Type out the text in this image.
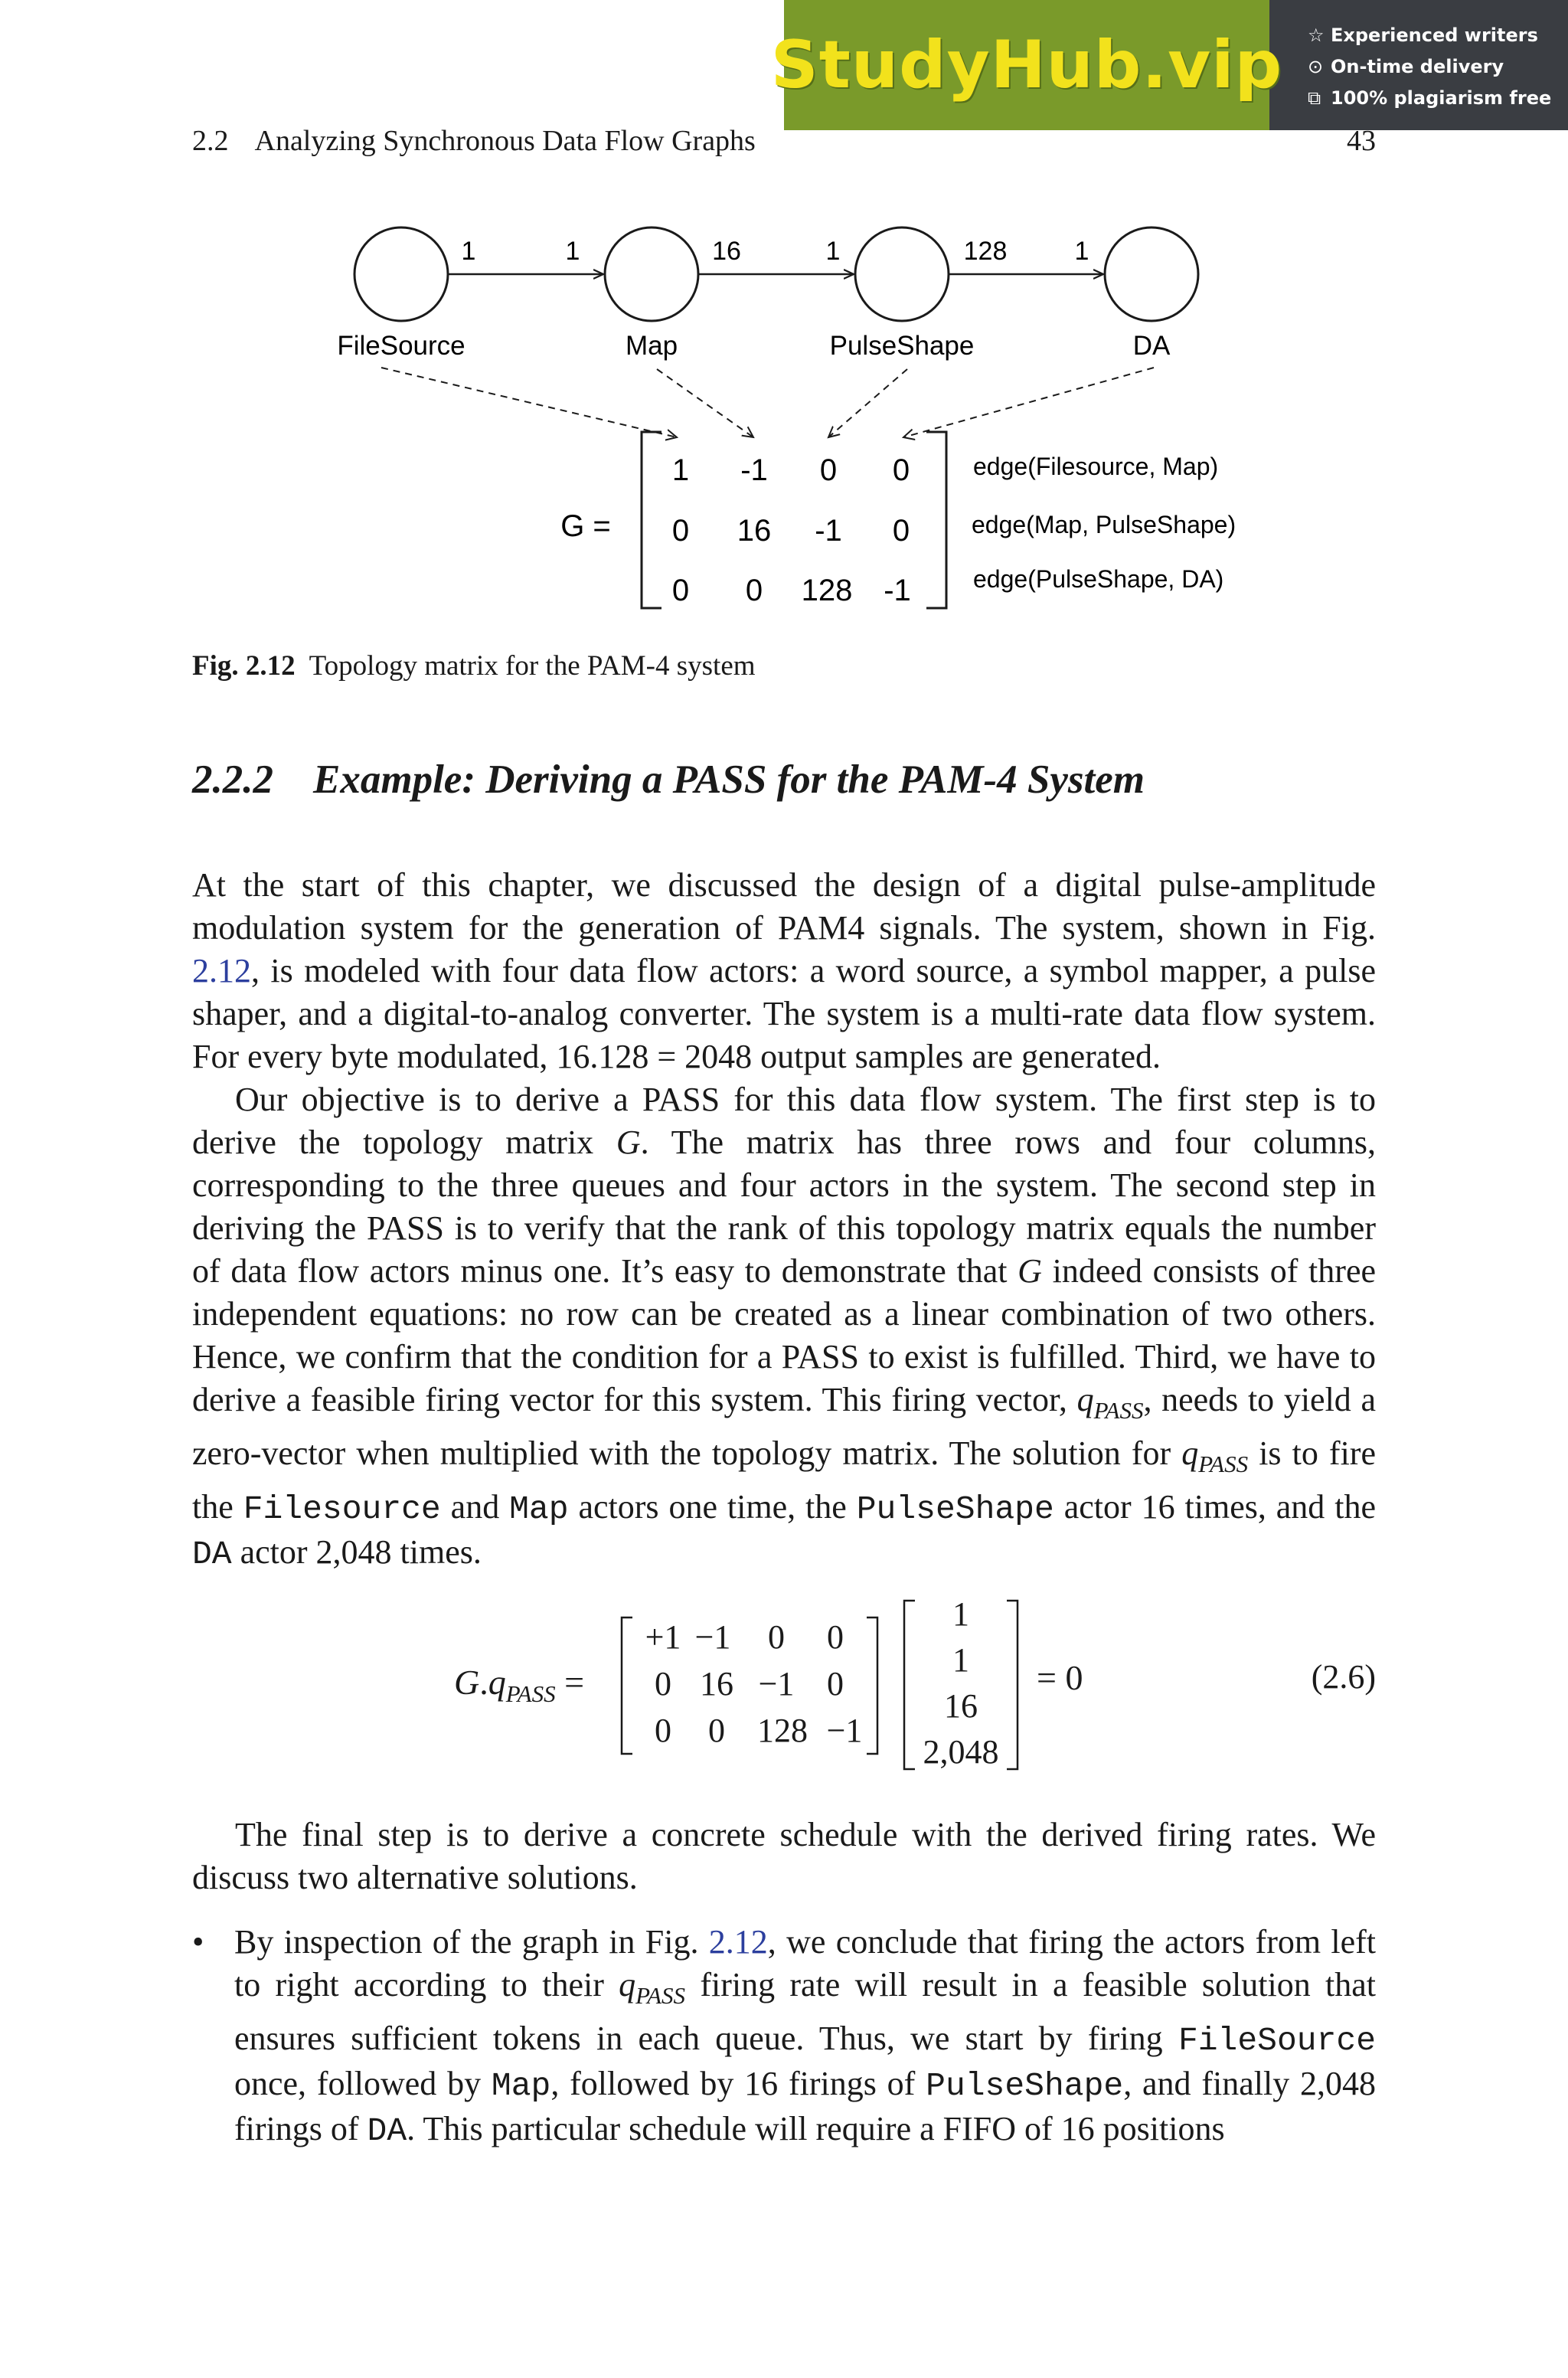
StudyHub.vip ☆ Experienced writers
⊙ On-time delivery
⧉ 100% plagiarism free
2.2 Analyzing Synchronous Data Flow Graphs	43
1	1	16	1	128	1
FileSource	Map	PulseShape	DA
G =
1 -1 0 0
0 16 -1 0
0 0 128 -1
edge(Filesource, Map)
edge(Map, PulseShape)
edge(PulseShape, DA)
Fig. 2.12 Topology matrix for the PAM-4 system
2.2.2 Example: Deriving a PASS for the PAM-4 System

At the start of this chapter, we discussed the design of a digital pulse-amplitude modulation system for the generation of PAM4 signals. The system, shown in Fig. 2.12, is modeled with four data flow actors: a word source, a symbol mapper, a pulse shaper, and a digital-to-analog converter. The system is a multi-rate data flow system. For every byte modulated, 16.128 = 2048 output samples are generated.

Our objective is to derive a PASS for this data flow system. The first step is to derive the topology matrix G. The matrix has three rows and four columns, corresponding to the three queues and four actors in the system. The second step in deriving the PASS is to verify that the rank of this topology matrix equals the number of data flow actors minus one. It’s easy to demonstrate that G indeed consists of three independent equations: no row can be created as a linear combination of two others. Hence, we confirm that the condition for a PASS to exist is fulfilled. Third, we have to derive a feasible firing vector for this system. This firing vector, $q_{PASS}$, needs to yield a zero-vector when multiplied with the topology matrix. The solution for $q_{PASS}$ is to fire the Filesource and Map actors one time, the PulseShape actor 16 times, and the DA actor 2,048 times.

$G.q_{PASS}$ =
+1 −1	0	0
0 16 −1 0
0	0 128 −1
1
1
16
2,048
= 0	(2.6)

The final step is to derive a concrete schedule with the derived firing rates. We discuss two alternative solutions.

• By inspection of the graph in Fig. 2.12, we conclude that firing the actors from left to right according to their $q_{PASS}$ firing rate will result in a feasible solution that ensures sufficient tokens in each queue. Thus, we start by firing FileSource once, followed by Map, followed by 16 firings of PulseShape, and finally 2,048 firings of DA. This particular schedule will require a FIFO of 16 positions
